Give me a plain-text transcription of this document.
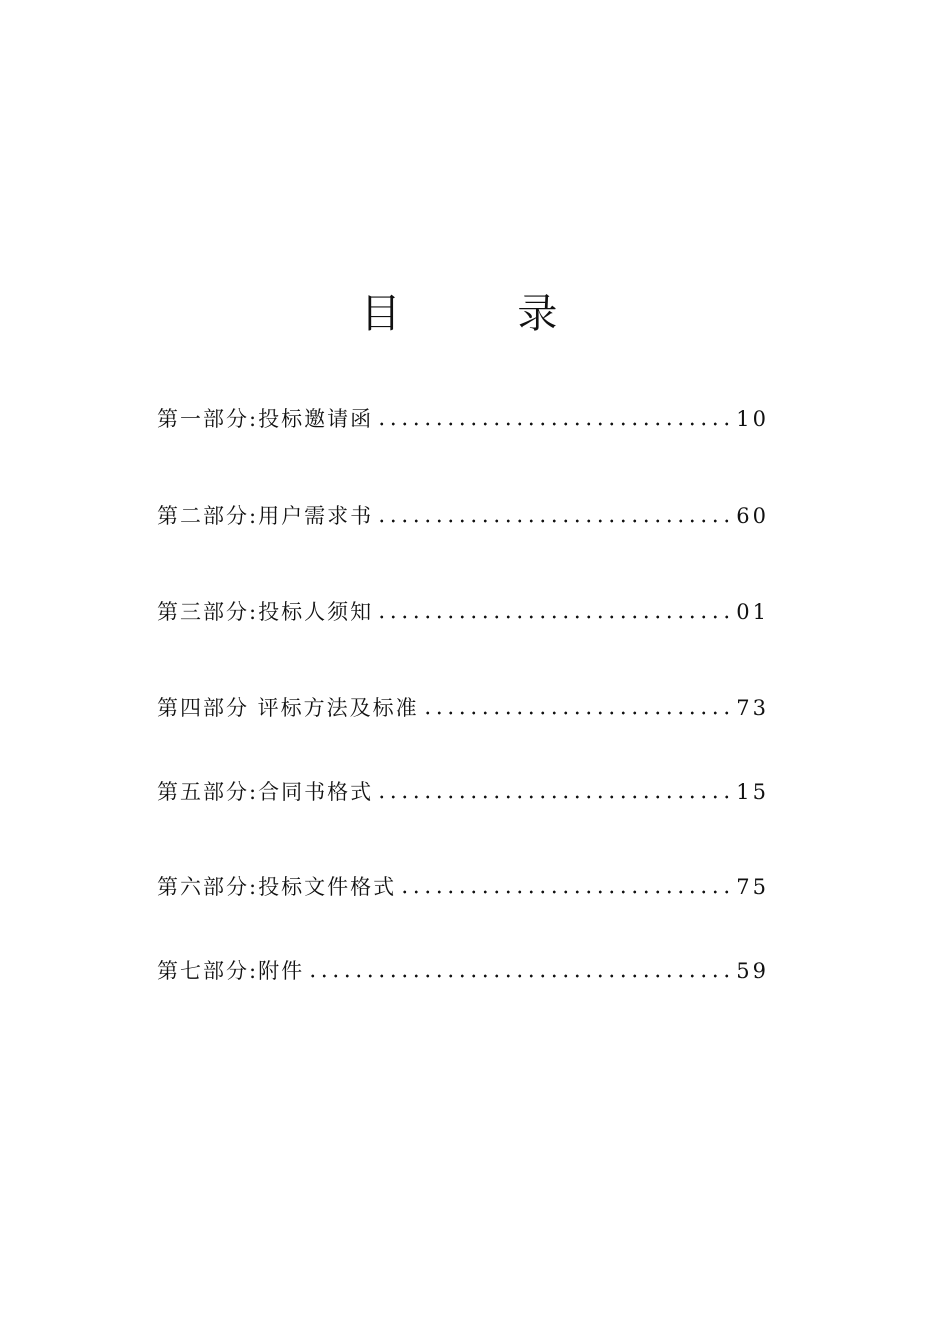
目 录
第一部分:投标邀请函	10
第二部分:用户需求书	60
第三部分:投标人须知	01
第四部分 评标方法及标准	73
第五部分:合同书格式	15
第六部分:投标文件格式	75
第七部分:附件	59
